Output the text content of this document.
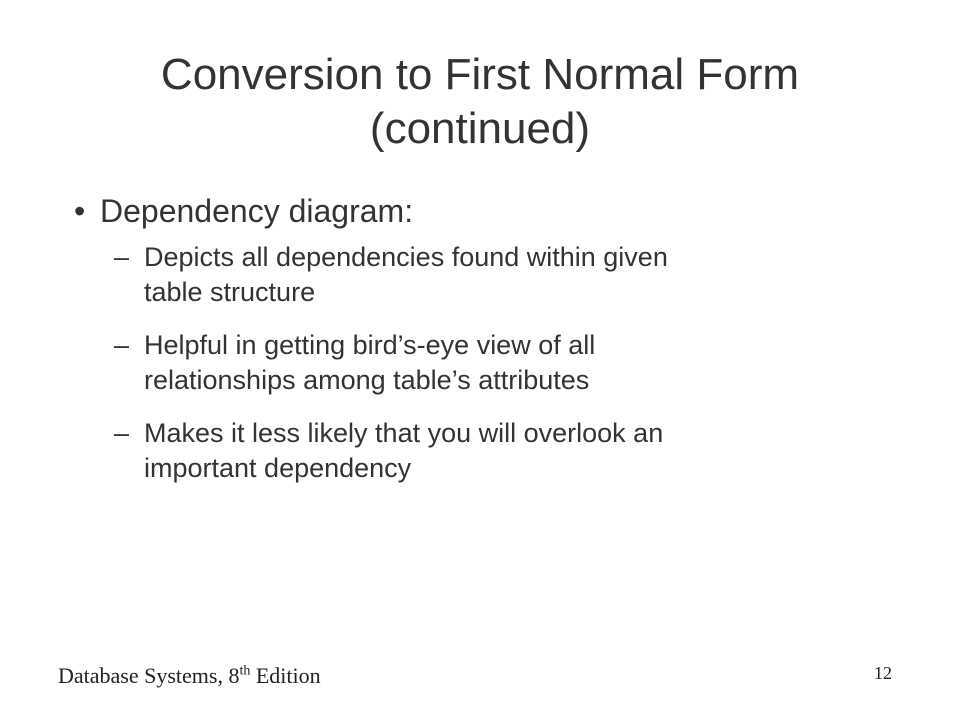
Conversion to First Normal Form
(continued)
• Dependency diagram:
– Depicts all dependencies found within given
table structure
– Helpful in getting bird’s-eye view of all
relationships among table’s attributes
– Makes it less likely that you will overlook an
important dependency
Database Systems, 8th Edition	12
